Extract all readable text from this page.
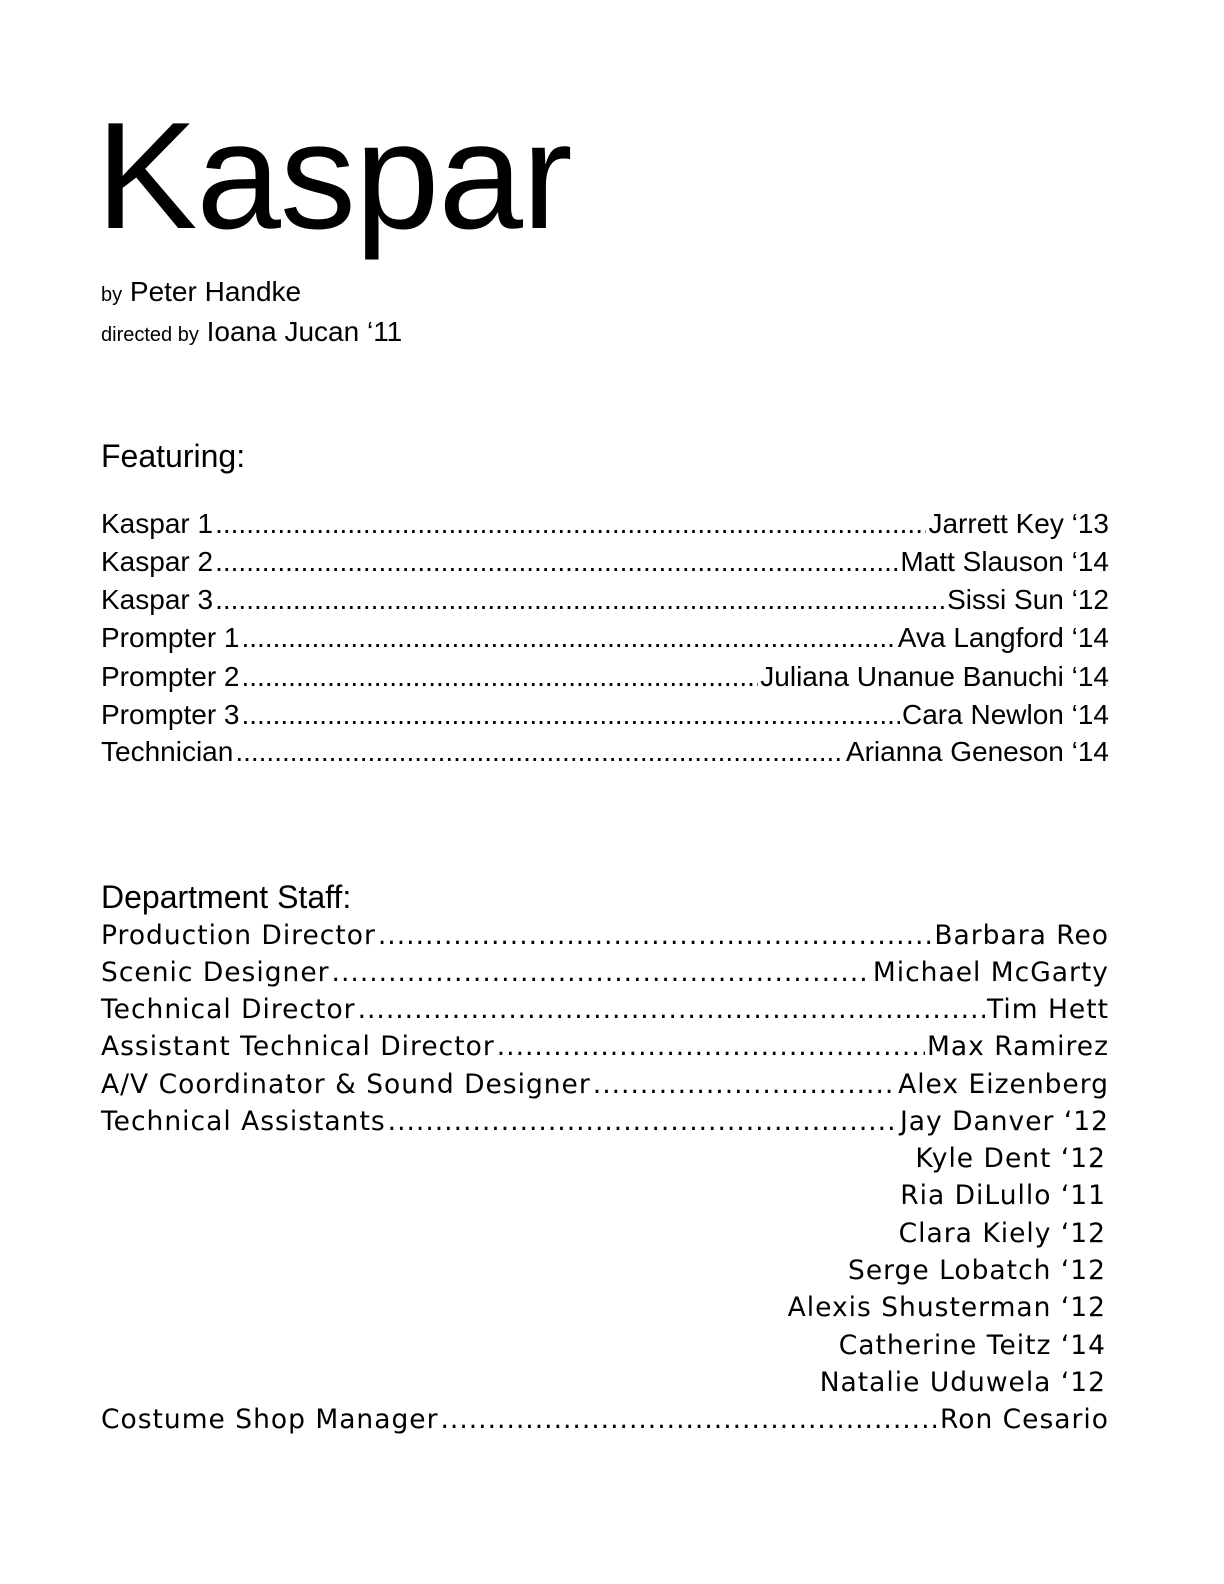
Kaspar
by Peter Handke
directed by Ioana Jucan ‘11
Featuring:
Kaspar 1 .....	Jarrett Key ‘13
Kaspar 2 .....	Matt Slauson ‘14
Kaspar 3 .....	Sissi Sun ‘12
Prompter 1 .....	Ava Langford ‘14
Prompter 2 .....	Juliana Unanue Banuchi ‘14
Prompter 3 .....	Cara Newlon ‘14
Technician .....	Arianna Geneson ‘14
Department Staff:
Production Director .....	Barbara Reo
Scenic Designer .....	Michael McGarty
Technical Director .....	Tim Hett
Assistant Technical Director .....	Max Ramirez
A/V Coordinator & Sound Designer .....	Alex Eizenberg
Technical Assistants .....	Jay Danver ‘12
Kyle Dent ‘12
Ria DiLullo ‘11
Clara Kiely ‘12
Serge Lobatch ‘12
Alexis Shusterman ‘12
Catherine Teitz ‘14
Natalie Uduwela ‘12
Costume Shop Manager .....	Ron Cesario
